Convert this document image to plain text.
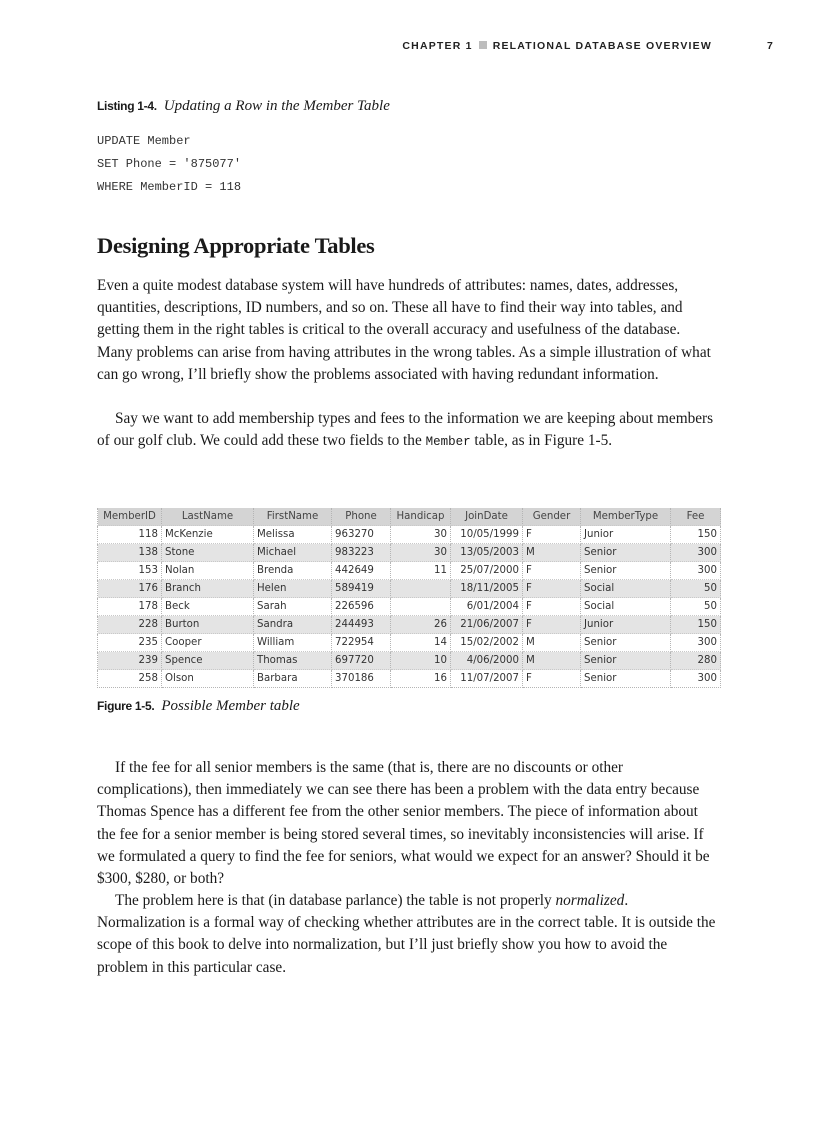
CHAPTER 1 RELATIONAL DATABASE OVERVIEW	7
Listing 1-4. Updating a Row in the Member Table
UPDATE Member
SET Phone = '875077'
WHERE MemberID = 118
Designing Appropriate Tables

Even a quite modest database system will have hundreds of attributes: names, dates, addresses, quantities, descriptions, ID numbers, and so on. These all have to find their way into tables, and getting them in the right tables is critical to the overall accuracy and usefulness of the database. Many problems can arise from having attributes in the wrong tables. As a simple illustration of what can go wrong, I’ll briefly show the problems associated with having redundant information.

Say we want to add membership types and fees to the information we are keeping about members of our golf club. We could add these two fields to the Member table, as in Figure 1-5.

MemberID	LastName	FirstName	Phone	Handicap	JoinDate	Gender	MemberType	Fee
118	McKenzie	Melissa	963270	30	10/05/1999	F	Junior	150
138	Stone	Michael	983223	30	13/05/2003	M	Senior	300
153	Nolan	Brenda	442649	11	25/07/2000	F	Senior	300
176	Branch	Helen	589419		18/11/2005	F	Social	50
178	Beck	Sarah	226596		6/01/2004	F	Social	50
228	Burton	Sandra	244493	26	21/06/2007	F	Junior	150
235	Cooper	William	722954	14	15/02/2002	M	Senior	300
239	Spence	Thomas	697720	10	4/06/2000	M	Senior	280
258	Olson	Barbara	370186	16	11/07/2007	F	Senior	300
Figure 1-5. Possible Member table

If the fee for all senior members is the same (that is, there are no discounts or other complications), then immediately we can see there has been a problem with the data entry because Thomas Spence has a different fee from the other senior members. The piece of information about the fee for a senior member is being stored several times, so inevitably inconsistencies will arise. If we formulated a query to find the fee for seniors, what would we expect for an answer? Should it be $300, $280, or both?

The problem here is that (in database parlance) the table is not properly normalized. Normalization is a formal way of checking whether attributes are in the correct table. It is outside the scope of this book to delve into normalization, but I’ll just briefly show you how to avoid the problem in this particular case.
